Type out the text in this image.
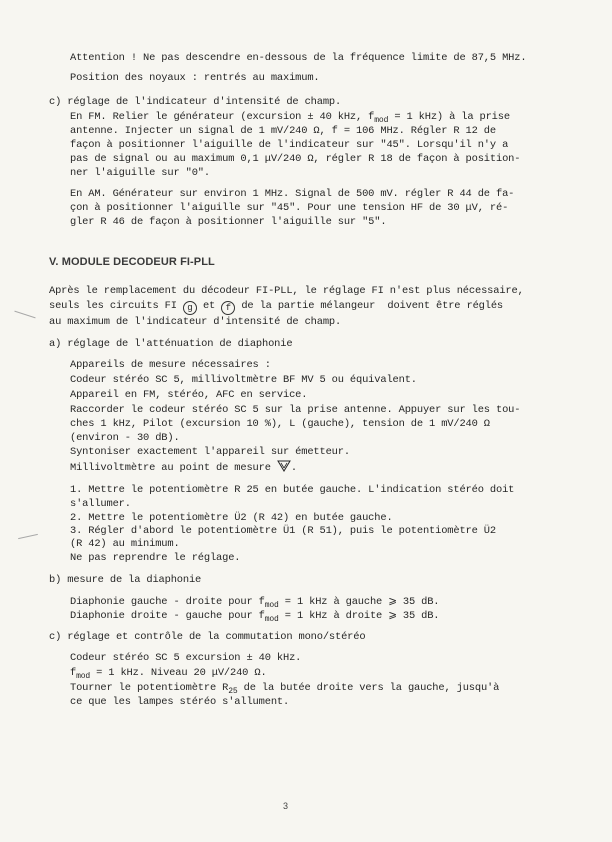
Attention ! Ne pas descendre en-dessous de la fréquence limite de 87,5 MHz.
Position des noyaux : rentrés au maximum.
c) réglage de l'indicateur d'intensité de champ.
En FM. Relier le générateur (excursion ± 40 kHz, $f_{mod} = 1$ kHz) à la prise
antenne. Injecter un signal de 1 mV/240 Ω, f = 106 MHz. Régler R 12 de
façon à positionner l'aiguille de l'indicateur sur "45". Lorsqu'il n'y a
pas de signal ou au maximum 0,1 μV/240 Ω, régler R 18 de façon à position-
ner l'aiguille sur "0".
En AM. Générateur sur environ 1 MHz. Signal de 500 mV. régler R 44 de fa-
çon à positionner l'aiguille sur "45". Pour une tension HF de 30 μV, ré-
gler R 46 de façon à positionner l'aiguille sur "5".
V. MODULE DECODEUR FI-PLL
Après le remplacement du décodeur FI-PLL, le réglage FI n'est plus nécessaire,
seuls les circuits FI g et f de la partie mélangeur  doivent être réglés
au maximum de l'indicateur d'intensité de champ.
a) réglage de l'atténuation de diaphonie
Appareils de mesure nécessaires :
Codeur stéréo SC 5, millivoltmètre BF MV 5 ou équivalent.
Appareil en FM, stéréo, AFC en service.
Raccorder le codeur stéréo SC 5 sur la prise antenne. Appuyer sur les tou-
ches 1 kHz, Pilot (excursion 10 %), L (gauche), tension de 1 mV/240 Ω
(environ - 30 dB).
Syntoniser exactement l'appareil sur émetteur.
Millivoltmètre au point de mesure .
1. Mettre le potentiomètre R 25 en butée gauche. L'indication stéréo doit
s'allumer.
2. Mettre le potentiomètre Ü2 (R 42) en butée gauche.
3. Régler d'abord le potentiomètre Ü1 (R 51), puis le potentiomètre Ü2
(R 42) au minimum.
Ne pas reprendre le réglage.
b) mesure de la diaphonie
Diaphonie gauche - droite pour $f_{mod} = 1$ kHz à gauche ⩾ 35 dB.
Diaphonie droite - gauche pour $f_{mod} = 1$ kHz à droite ⩾ 35 dB.
c) réglage et contrôle de la commutation mono/stéréo
Codeur stéréo SC 5 excursion ± 40 kHz.
$f_{mod} = 1$ kHz. Niveau 20 μV/240 Ω.
Tourner le potentiomètre $R_{25}$ de la butée droite vers la gauche, jusqu'à
ce que les lampes stéréo s'allument.
3
